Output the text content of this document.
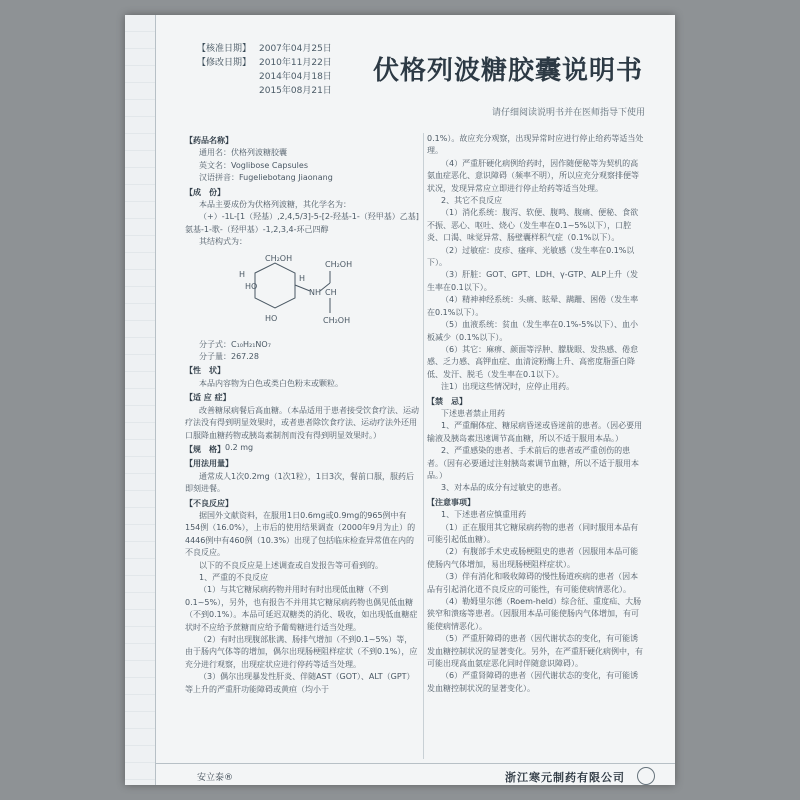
【核准日期】 2007年04月25日
【修改日期】 2010年11月22日
2014年04月18日
2015年08月21日
伏格列波糖胶囊说明书
请仔细阅读说明书并在医师指导下使用
【药品名称】
通用名：伏格列波糖胶囊
英文名：Voglibose Capsules
汉语拼音：Fugeliebotang Jiaonang
【成　份】
本品主要成份为伏格列波糖，其化学名为：
（+）-1L-[1（羟基）,2,4,5/3]-5-[2-羟基-1-（羟甲基）乙基]氨基-1-歌-（羟甲基）-1,2,3,4-环己四醇
其结构式为：
CH₂OH
H
HO
HO
H
NH
CH₂OH
CH
CH₂OH
分子式：C₁₀H₂₁NO₇
分子量：267.28
【性　状】
本品内容物为白色或类白色粉末或颗粒。
【适 应 症】
改善糖尿病餐后高血糖。（本品适用于患者接受饮食疗法、运动疗法没有得到明显效果时，或者患者除饮食疗法、运动疗法外还用口服降血糖药物或胰岛素制剂而没有得到明显效果时。）
【规　格】 0.2 mg
【用法用量】
通常成人1次0.2mg（1次1粒），1日3次，餐前口服，服药后即刻进餐。
【不良反应】
据国外文献资料，在服用1日0.6mg或0.9mg的965例中有154例（16.0%），上市后的使用结果调查（2000年9月为止）的4446例中有460例（10.3%）出现了包括临床检查异常值在内的不良反应。
以下的不良反应是上述调查或自发报告等可看到的。
1、严重的不良反应
（1）与其它糖尿病药物并用时有时出现低血糖（不到0.1~5%），另外，也有报告不并用其它糖尿病药物也偶见低血糖（不到0.1%）。本品可延迟双糖类的消化、吸收，如出现低血糖症状时不应给予蔗糖而应给予葡萄糖进行适当处理。
（2）有时出现腹部胀满、肠排气增加（不到0.1~5%）等，由于肠内气体等的增加，偶尔出现肠梗阻样症状（不到0.1%），应充分进行观察，出现症状应进行停药等适当处理。
（3）偶尔出现暴发性肝炎、伴随AST（GOT）、ALT（GPT）等上升的严重肝功能障碍或黄疸（均小于
0.1%）。故应充分观察，出现异常时应进行停止给药等适当处理。
（4）严重肝硬化病例给药时，因作随便秘等为契机的高氨血症恶化、意识障碍（频率不明），所以应充分观察排便等状况，发现异常应立即进行停止给药等适当处理。
2、其它不良反应
（1）消化系统：腹泻、软便、腹鸣、腹痛、便秘、食欲不振、恶心、呕吐、烧心（发生率在0.1~5%以下），口腔炎、口渴、味觉异常、肠壁囊样积气症（0.1%以下）。
（2）过敏症：皮疹、瘙痒、光敏感（发生率在0.1%以下）。
（3）肝脏：GOT、GPT、LDH、γ-GTP、ALP上升（发生率在0.1以下）。
（4）精神神经系统：头痛、眩晕、蹒跚、困倦（发生率在0.1%以下）。
（5）血液系统：贫血（发生率在0.1%-5%以下）、血小板减少（0.1%以下）。
（6）其它：麻痹、颜面等浮肿、朦胧眼、发热感、倦怠感、乏力感、高钾血症、血清淀粉酶上升、高密度脂蛋白降低、发汗、脱毛（发生率在0.1以下）。
注1）出现这些情况时，应停止用药。
【禁　忌】
下述患者禁止用药
1、严重酮体症、糖尿病昏迷或昏迷前的患者。（因必要用输液及胰岛素迅速调节高血糖，所以不适于服用本品。）
2、严重感染的患者、手术前后的患者或严重创伤的患者。（因有必要通过注射胰岛素调节血糖，所以不适于服用本品。）
3、对本品的成分有过敏史的患者。
【注意事项】
1、下述患者应慎重用药
（1）正在服用其它糖尿病药物的患者（同时服用本品有可能引起低血糖）。
（2）有腹部手术史或肠梗阻史的患者（因服用本品可能使肠内气体增加，易出现肠梗阻样症状）。
（3）伴有消化和吸收障碍的慢性肠道疾病的患者（因本品有引起消化道不良反应的可能性，有可能使病情恶化）。
（4）勒姆里尔德（Roem-held）综合征、重度疝、大肠狭窄和溃疡等患者。（因服用本品可能使肠内气体增加，有可能使病情恶化）。
（5）严重肝障碍的患者（因代谢状态的变化，有可能诱发血糖控制状况的显著变化。另外，在严重肝硬化病例中，有可能出现高血氨症恶化同时伴随意识障碍）。
（6）严重肾障碍的患者（因代谢状态的变化，有可能诱发血糖控制状况的显著变化）。
安立泰®	浙江寒元制药有限公司
